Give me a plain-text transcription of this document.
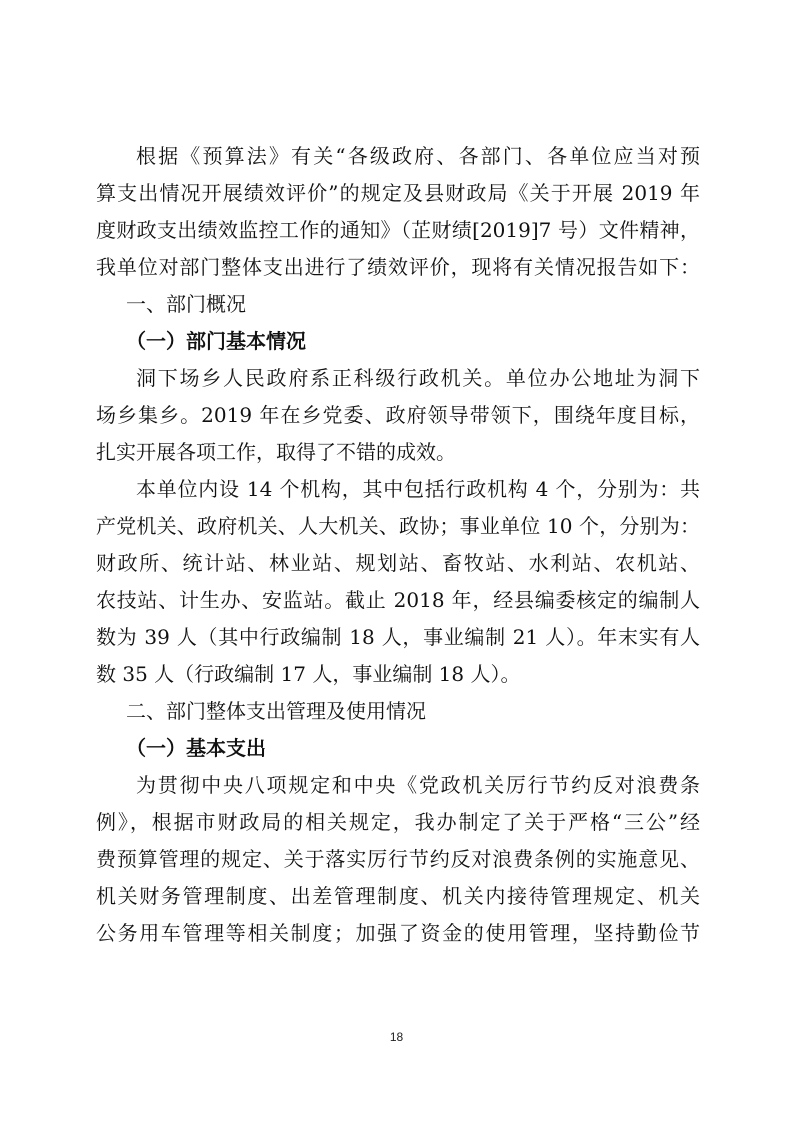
根据《预算法》有关“各级政府、各部门、各单位应当对预
算支出情况开展绩效评价”的规定及县财政局《关于开展 2019 年
度财政支出绩效监控工作的通知》（芷财绩[2019]7 号）文件精神，
我单位对部门整体支出进行了绩效评价，现将有关情况报告如下：
一、部门概况
（一）部门基本情况
洞下场乡人民政府系正科级行政机关。单位办公地址为洞下
场乡集乡。2019 年在乡党委、政府领导带领下，围绕年度目标，
扎实开展各项工作，取得了不错的成效。
本单位内设 14 个机构，其中包括行政机构 4 个，分别为：共
产党机关、政府机关、人大机关、政协；事业单位 10 个，分别为：
财政所、统计站、林业站、规划站、畜牧站、水利站、农机站、
农技站、计生办、安监站。截止 2018 年，经县编委核定的编制人
数为 39 人（其中行政编制 18 人，事业编制 21 人）。年末实有人
数 35 人（行政编制 17 人，事业编制 18 人）。
二、部门整体支出管理及使用情况
（一）基本支出
为贯彻中央八项规定和中央《党政机关厉行节约反对浪费条
例》，根据市财政局的相关规定，我办制定了关于严格“三公”经
费预算管理的规定、关于落实厉行节约反对浪费条例的实施意见、
机关财务管理制度、出差管理制度、机关内接待管理规定、机关
公务用车管理等相关制度；加强了资金的使用管理，坚持勤俭节
18
